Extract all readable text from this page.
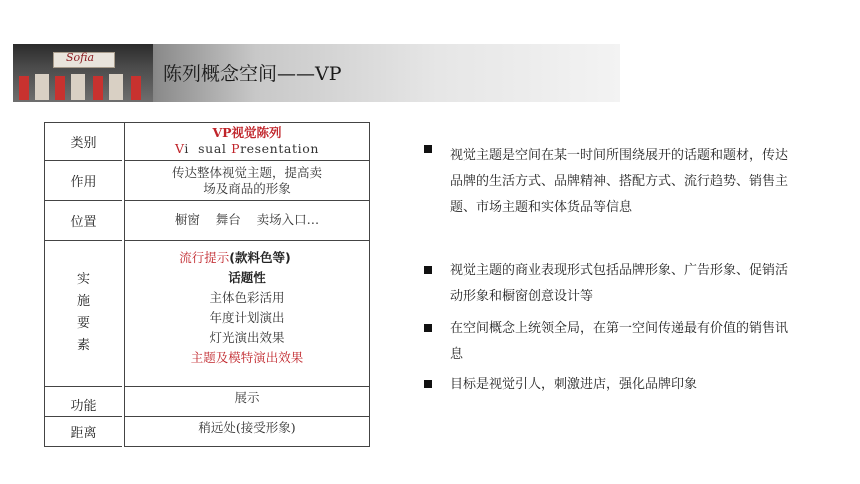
Sofia
陈列概念空间——VP
类别
VP视觉陈列
Vi  sual Presentation
作用
传达整体视觉主题，提高卖
场及商品的形象
位置	橱窗    舞台    卖场入口…
实
施
要
素
流行提示(款料色等)
话题性
主体色彩活用
年度计划演出
灯光演出效果
主题及模特演出效果
功能
展示
距离	稍远处(接受形象)
视觉主题是空间在某一时间所围绕展开的话题和题材，传达品牌的生活方式、品牌精神、搭配方式、流行趋势、销售主题、市场主题和实体货品等信息
视觉主题的商业表现形式包括品牌形象、广告形象、促销活动形象和橱窗创意设计等
在空间概念上统领全局，在第一空间传递最有价值的销售讯息
目标是视觉引人，刺激进店，强化品牌印象
